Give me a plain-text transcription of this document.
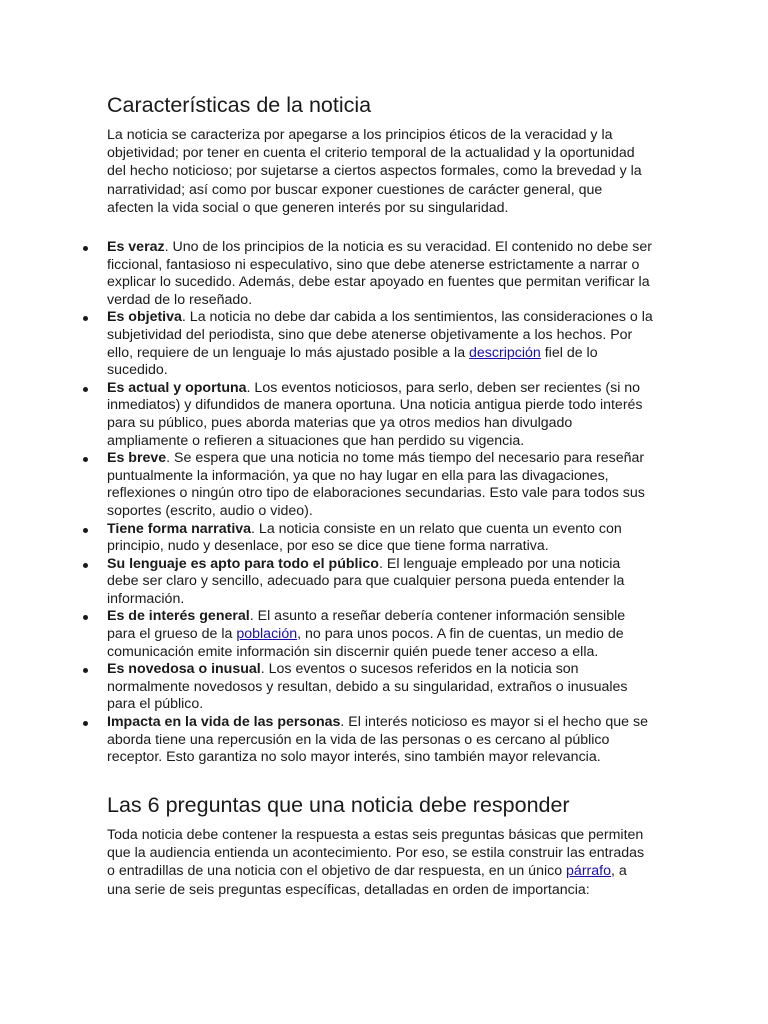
Características de la noticia

La noticia se caracteriza por apegarse a los principios éticos de la veracidad y la objetividad; por tener en cuenta el criterio temporal de la actualidad y la oportunidad del hecho noticioso; por sujetarse a ciertos aspectos formales, como la brevedad y la narratividad; así como por buscar exponer cuestiones de carácter general, que afecten la vida social o que generen interés por su singularidad.

Es veraz. Uno de los principios de la noticia es su veracidad. El contenido no debe ser ficcional, fantasioso ni especulativo, sino que debe atenerse estrictamente a narrar o explicar lo sucedido. Además, debe estar apoyado en fuentes que permitan verificar la verdad de lo reseñado.
Es objetiva. La noticia no debe dar cabida a los sentimientos, las consideraciones o la subjetividad del periodista, sino que debe atenerse objetivamente a los hechos. Por ello, requiere de un lenguaje lo más ajustado posible a la descripción fiel de lo sucedido.
Es actual y oportuna. Los eventos noticiosos, para serlo, deben ser recientes (si no inmediatos) y difundidos de manera oportuna. Una noticia antigua pierde todo interés para su público, pues aborda materias que ya otros medios han divulgado ampliamente o refieren a situaciones que han perdido su vigencia.
Es breve. Se espera que una noticia no tome más tiempo del necesario para reseñar puntualmente la información, ya que no hay lugar en ella para las divagaciones, reflexiones o ningún otro tipo de elaboraciones secundarias. Esto vale para todos sus soportes (escrito, audio o video).
Tiene forma narrativa. La noticia consiste en un relato que cuenta un evento con principio, nudo y desenlace, por eso se dice que tiene forma narrativa.
Su lenguaje es apto para todo el público. El lenguaje empleado por una noticia debe ser claro y sencillo, adecuado para que cualquier persona pueda entender la información.
Es de interés general. El asunto a reseñar debería contener información sensible para el grueso de la población, no para unos pocos. A fin de cuentas, un medio de comunicación emite información sin discernir quién puede tener acceso a ella.
Es novedosa o inusual. Los eventos o sucesos referidos en la noticia son normalmente novedosos y resultan, debido a su singularidad, extraños o inusuales para el público.
Impacta en la vida de las personas. El interés noticioso es mayor si el hecho que se aborda tiene una repercusión en la vida de las personas o es cercano al público receptor. Esto garantiza no solo mayor interés, sino también mayor relevancia.
Las 6 preguntas que una noticia debe responder

Toda noticia debe contener la respuesta a estas seis preguntas básicas que permiten que la audiencia entienda un acontecimiento. Por eso, se estila construir las entradas o entradillas de una noticia con el objetivo de dar respuesta, en un único párrafo, a una serie de seis preguntas específicas, detalladas en orden de importancia:
